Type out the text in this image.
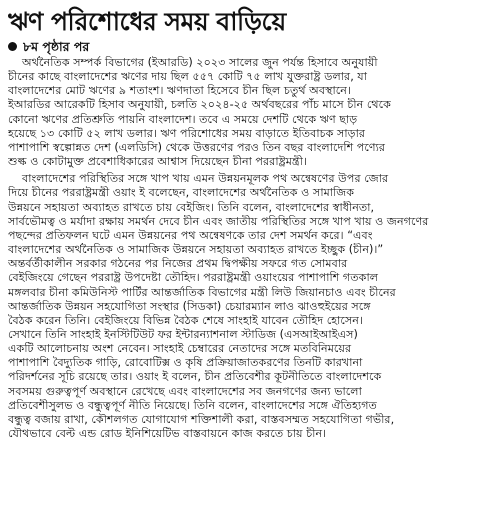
ঋণ পরিশোধের সময় বাড়িয়ে
৮ম পৃষ্ঠার পর
অর্থনৈতিক সম্পর্ক বিভাগের (ইআরডি) ২০২৩ সালের জুন পর্যন্ত হিসাবে অনুযায়ী
চীনের কাছে বাংলাদেশের ঋণের দায় ছিল ৫৫৭ কোটি ৭৫ লাখ যুক্তরাষ্ট্র ডলার, যা
বাংলাদেশের মোট ঋণের ৯ শতাংশ। ঋণদাতা হিসেবে চীন ছিল চতুর্থ অবস্থানে।
ইআরডির আরেকটি হিসাব অনুযায়ী, চলতি ২০২৪-২৫ অর্থবছরের পাঁচ মাসে চীন থেকে
কোনো ঋণের প্রতিশ্রুতি পায়নি বাংলাদেশ। তবে এ সময়ে দেশটি থেকে ঋণ ছাড়
হয়েছে ১৩ কোটি ৫২ লাখ ডলার। ঋণ পরিশোধের সময় বাড়াতে ইতিবাচক সাড়ার
পাশাপাশি স্বল্পোন্নত দেশ (এলডিসি) থেকে উত্তরণের পরও তিন বছর বাংলাদেশি পণ্যের
শুল্ক ও কোটামুক্ত প্রবেশাধিকারের আশ্বাস দিয়েছেন চীনা পররাষ্ট্রমন্ত্রী।
বাংলাদেশের পরিস্থিতির সঙ্গে খাপ খায় এমন উন্নয়নমূলক পথ অন্বেষণের উপর জোর
দিয়ে চীনের পররাষ্ট্রমন্ত্রী ওয়াং ই বলেছেন, বাংলাদেশের অর্থনৈতিক ও সামাজিক
উন্নয়নে সহায়তা অব্যাহত রাখতে চায় বেইজিং। তিনি বলেন, বাংলাদেশের স্বাধীনতা,
সার্বভৌমত্ব ও মর্যাদা রক্ষায় সমর্থন দেবে চীন এবং জাতীয় পরিস্থিতির সঙ্গে খাপ খায় ও জনগণের
পছন্দের প্রতিফলন ঘটে এমন উন্নয়নের পথ অন্বেষণকে তার দেশ সমর্থন করে। “এবং
বাংলাদেশের অর্থনৈতিক ও সামাজিক উন্নয়নে সহায়তা অব্যাহত রাখতে ইচ্ছুক (চীন)।”
অন্তর্বর্তীকালীন সরকার গঠনের পর নিজের প্রথম দ্বিপক্ষীয় সফরে গত সোমবার
বেইজিংয়ে গেছেন পররাষ্ট্র উপদেষ্টা তৌহিদ। পররাষ্ট্রমন্ত্রী ওয়াংয়ের পাশাপাশি গতকাল
মঙ্গলবার চীনা কমিউনিস্ট পার্টির আন্তর্জাতিক বিভাগের মন্ত্রী লিউ জিয়ানচাও এবং চীনের
আন্তর্জাতিক উন্নয়ন সহযোগিতা সংস্থার (সিডকা) চেয়ারম্যান লাও ঝাওহুইয়ের সঙ্গে
বৈঠক করেন তিনি। বেইজিংয়ে বিভিন্ন বৈঠক শেষে সাংহাই যাবেন তৌহিদ হোসেন।
সেখানে তিনি সাংহাই ইনস্টিটিউট ফর ইন্টারন্যাশনাল স্টাডিজ (এসআইআইএস)
একটি আলোচনায় অংশ নেবেন। সাংহাই চেম্বারের নেতাদের সঙ্গে মতবিনিময়ের
পাশাপাশি বৈদ্যুতিক গাড়ি, রোবোটিক্স ও কৃষি প্রক্রিয়াজাতকরণের তিনটি কারখানা
পরিদর্শনের সূচি রয়েছে তার। ওয়াং ই বলেন, চীন প্রতিবেশীর কূটনীতিতে বাংলাদেশকে
সবসময় গুরুত্বপূর্ণ অবস্থানে রেখেছে এবং বাংলাদেশের সব জনগণের জন্য ভালো
প্রতিবেশীসুলভ ও বন্ধুত্বপূর্ণ নীতি নিয়েছে। তিনি বলেন, বাংলাদেশের সঙ্গে ঐতিহ্যগত
বন্ধুত্ব বজায় রাখা, কৌশলগত যোগাযোগ শক্তিশালী করা, বাস্তবসম্মত সহযোগিতা গভীর,
যৌথভাবে বেল্ট এন্ড রোড ইনিশিয়েটিভ বাস্তবায়নে কাজ করতে চায় চীন।
